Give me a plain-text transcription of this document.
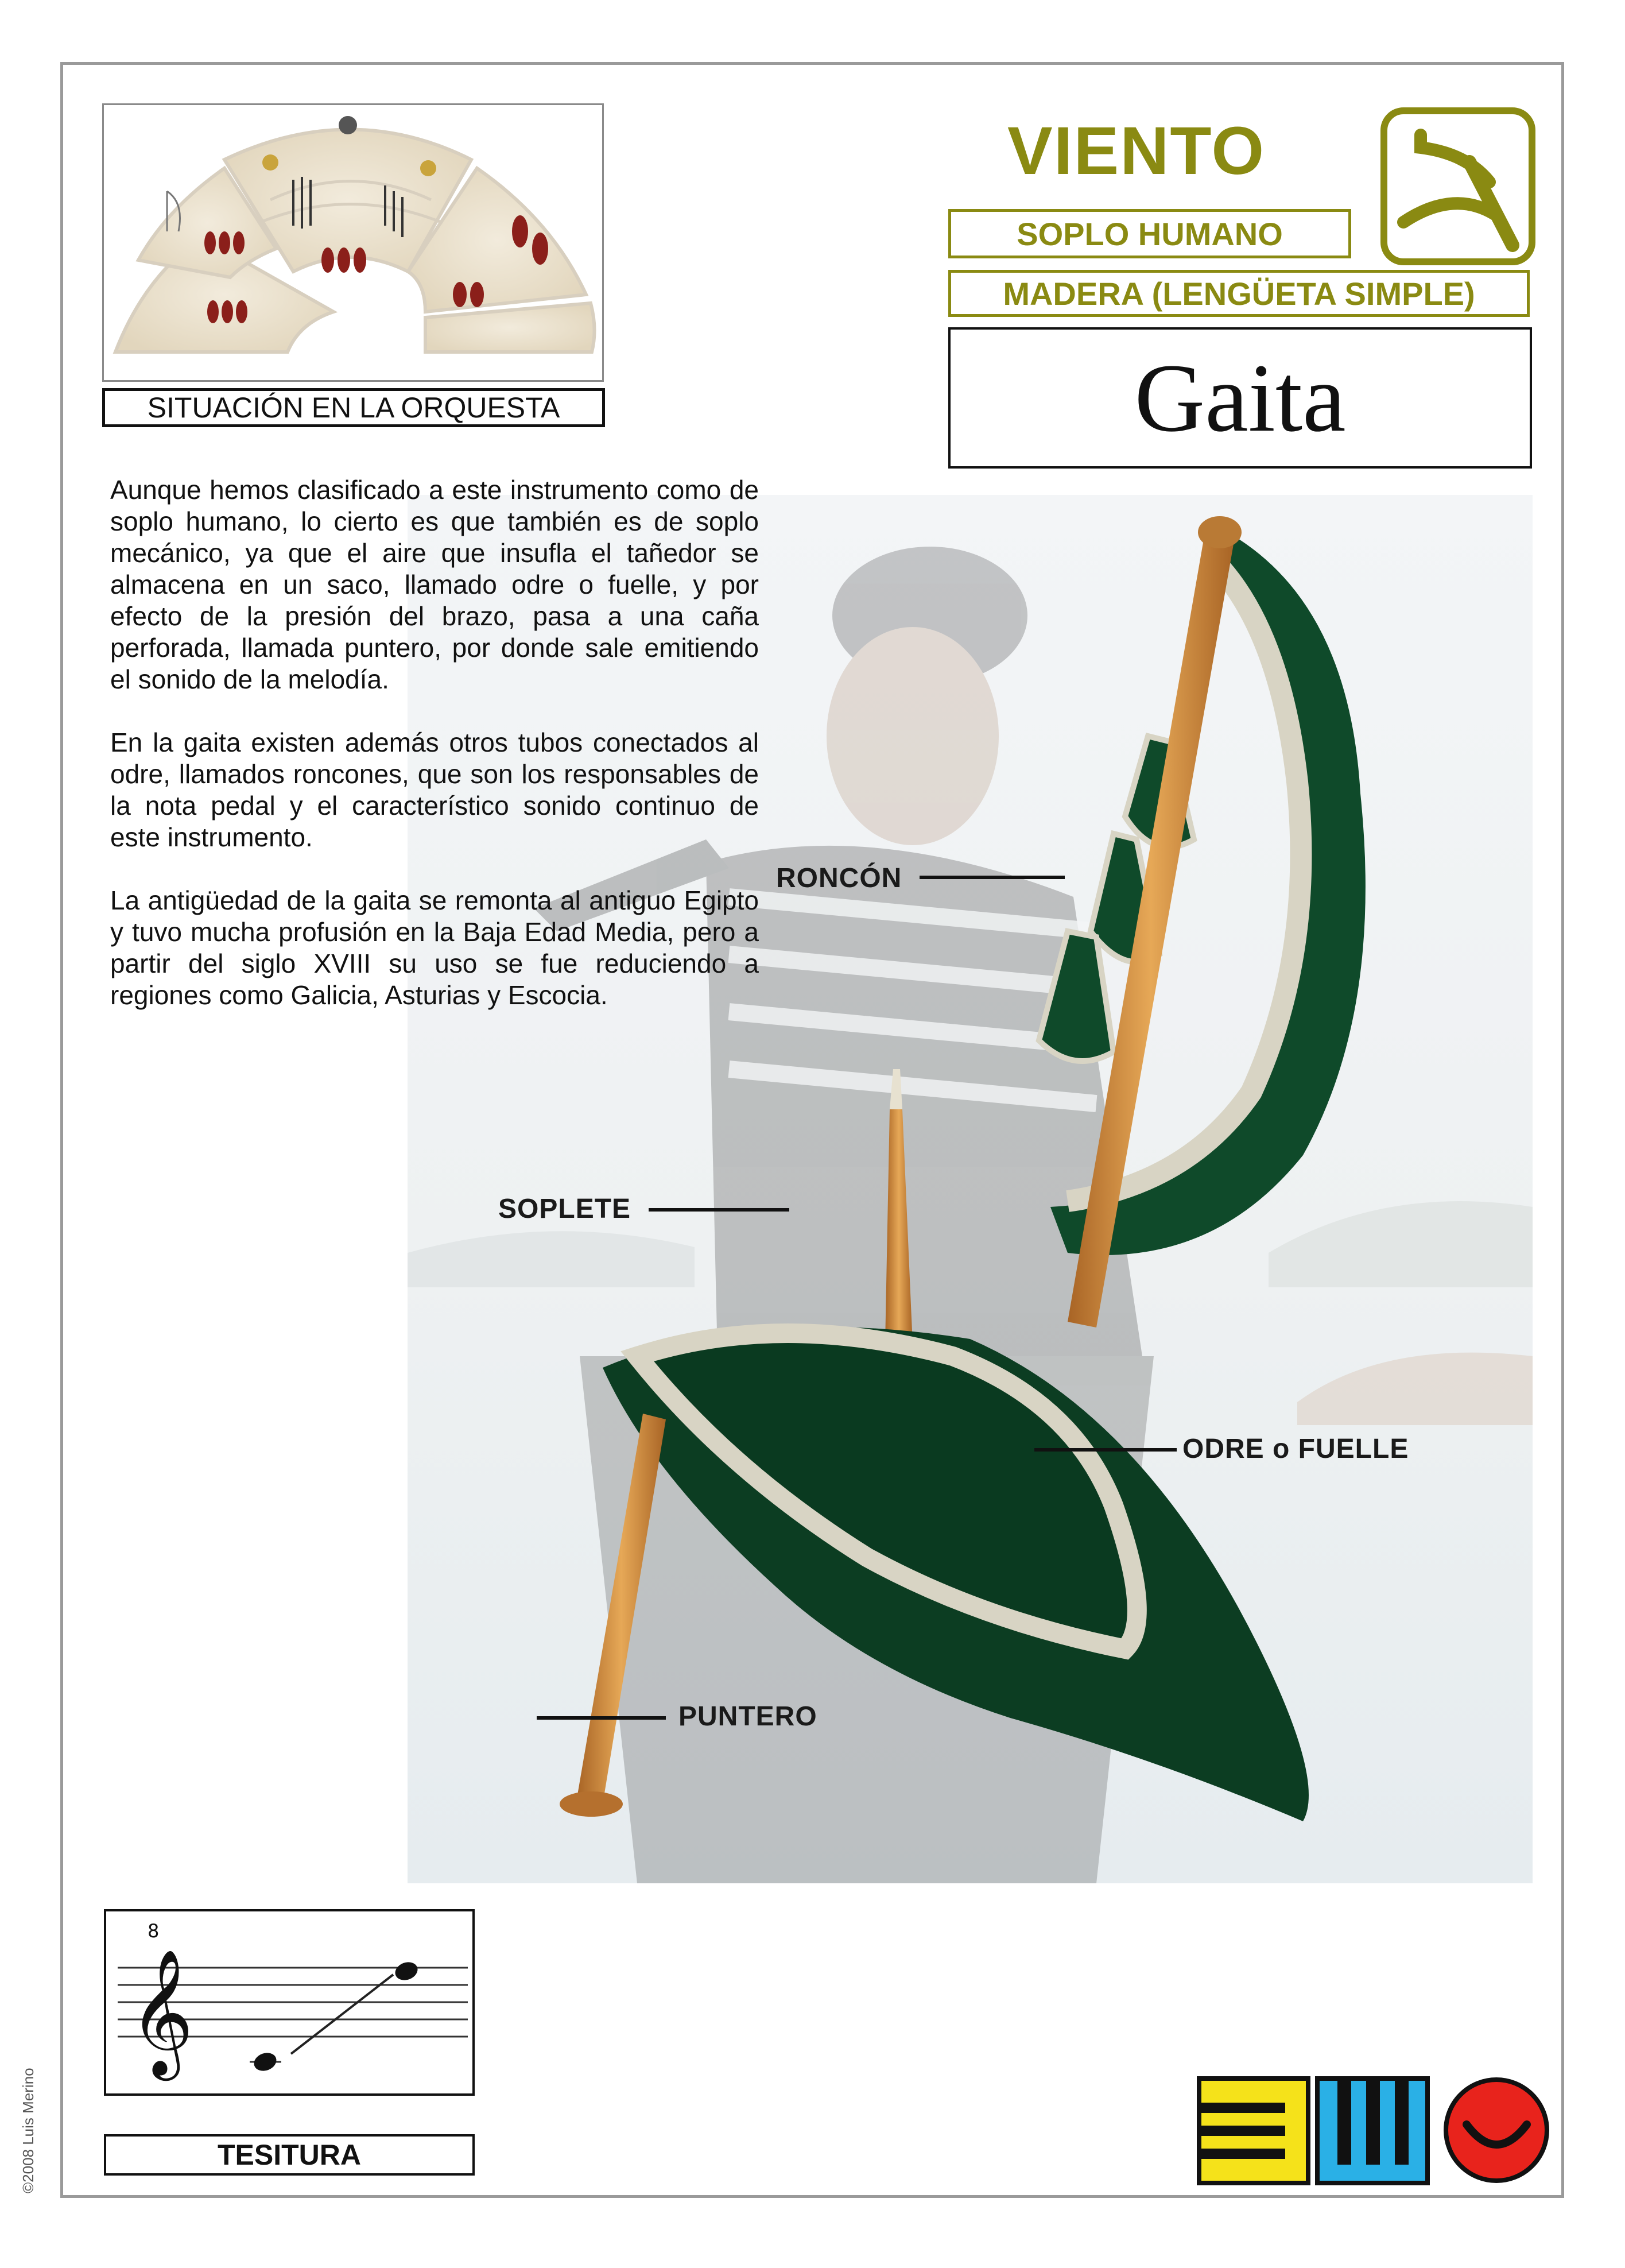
SITUACIÓN EN LA ORQUESTA
VIENTO
SOPLO HUMANO
MADERA (LENGÜETA SIMPLE)
Gaita
RONCÓN
SOPLETE
ODRE o FUELLE
PUNTERO

Aunque hemos clasificado a este instrumento como de soplo humano, lo cierto es que también es de soplo mecánico, ya que el aire que insufla el tañedor se almacena en un saco, llamado odre o fuelle, y por efecto de la presión del brazo, pasa a una caña perforada, llamada puntero, por donde sale emitiendo el sonido de la melodía.

En la gaita existen además otros tubos conectados al odre, llamados roncones, que son los responsables de la nota pedal y el característico sonido continuo de este instrumento.

La antigüedad de la gaita se remonta al antiguo Egipto y tuvo mucha profusión en la Baja Edad Media, pero a partir del siglo XVIII su uso se fue reduciendo a regiones como Galicia, Asturias y Escocia.

𝄞
8
TESITURA
©2008 Luis Merino
